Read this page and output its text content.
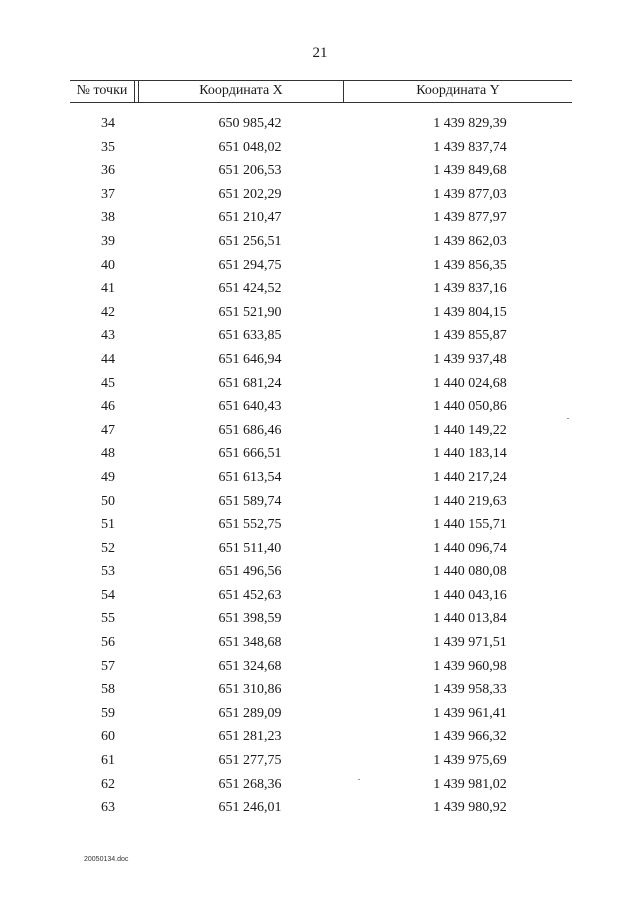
21
№ точки	Координата X	Координата Y
34	650 985,42	1 439 829,39
35	651 048,02	1 439 837,74
36	651 206,53	1 439 849,68
37	651 202,29	1 439 877,03
38	651 210,47	1 439 877,97
39	651 256,51	1 439 862,03
40	651 294,75	1 439 856,35
41	651 424,52	1 439 837,16
42	651 521,90	1 439 804,15
43	651 633,85	1 439 855,87
44	651 646,94	1 439 937,48
45	651 681,24	1 440 024,68
46	651 640,43	1 440 050,86
47	651 686,46	1 440 149,22
48	651 666,51	1 440 183,14
49	651 613,54	1 440 217,24
50	651 589,74	1 440 219,63
51	651 552,75	1 440 155,71
52	651 511,40	1 440 096,74
53	651 496,56	1 440 080,08
54	651 452,63	1 440 043,16
55	651 398,59	1 440 013,84
56	651 348,68	1 439 971,51
57	651 324,68	1 439 960,98
58	651 310,86	1 439 958,33
59	651 289,09	1 439 961,41
60	651 281,23	1 439 966,32
61	651 277,75	1 439 975,69
62	651 268,36	1 439 981,02
63	651 246,01	1 439 980,92
20050134.doc
